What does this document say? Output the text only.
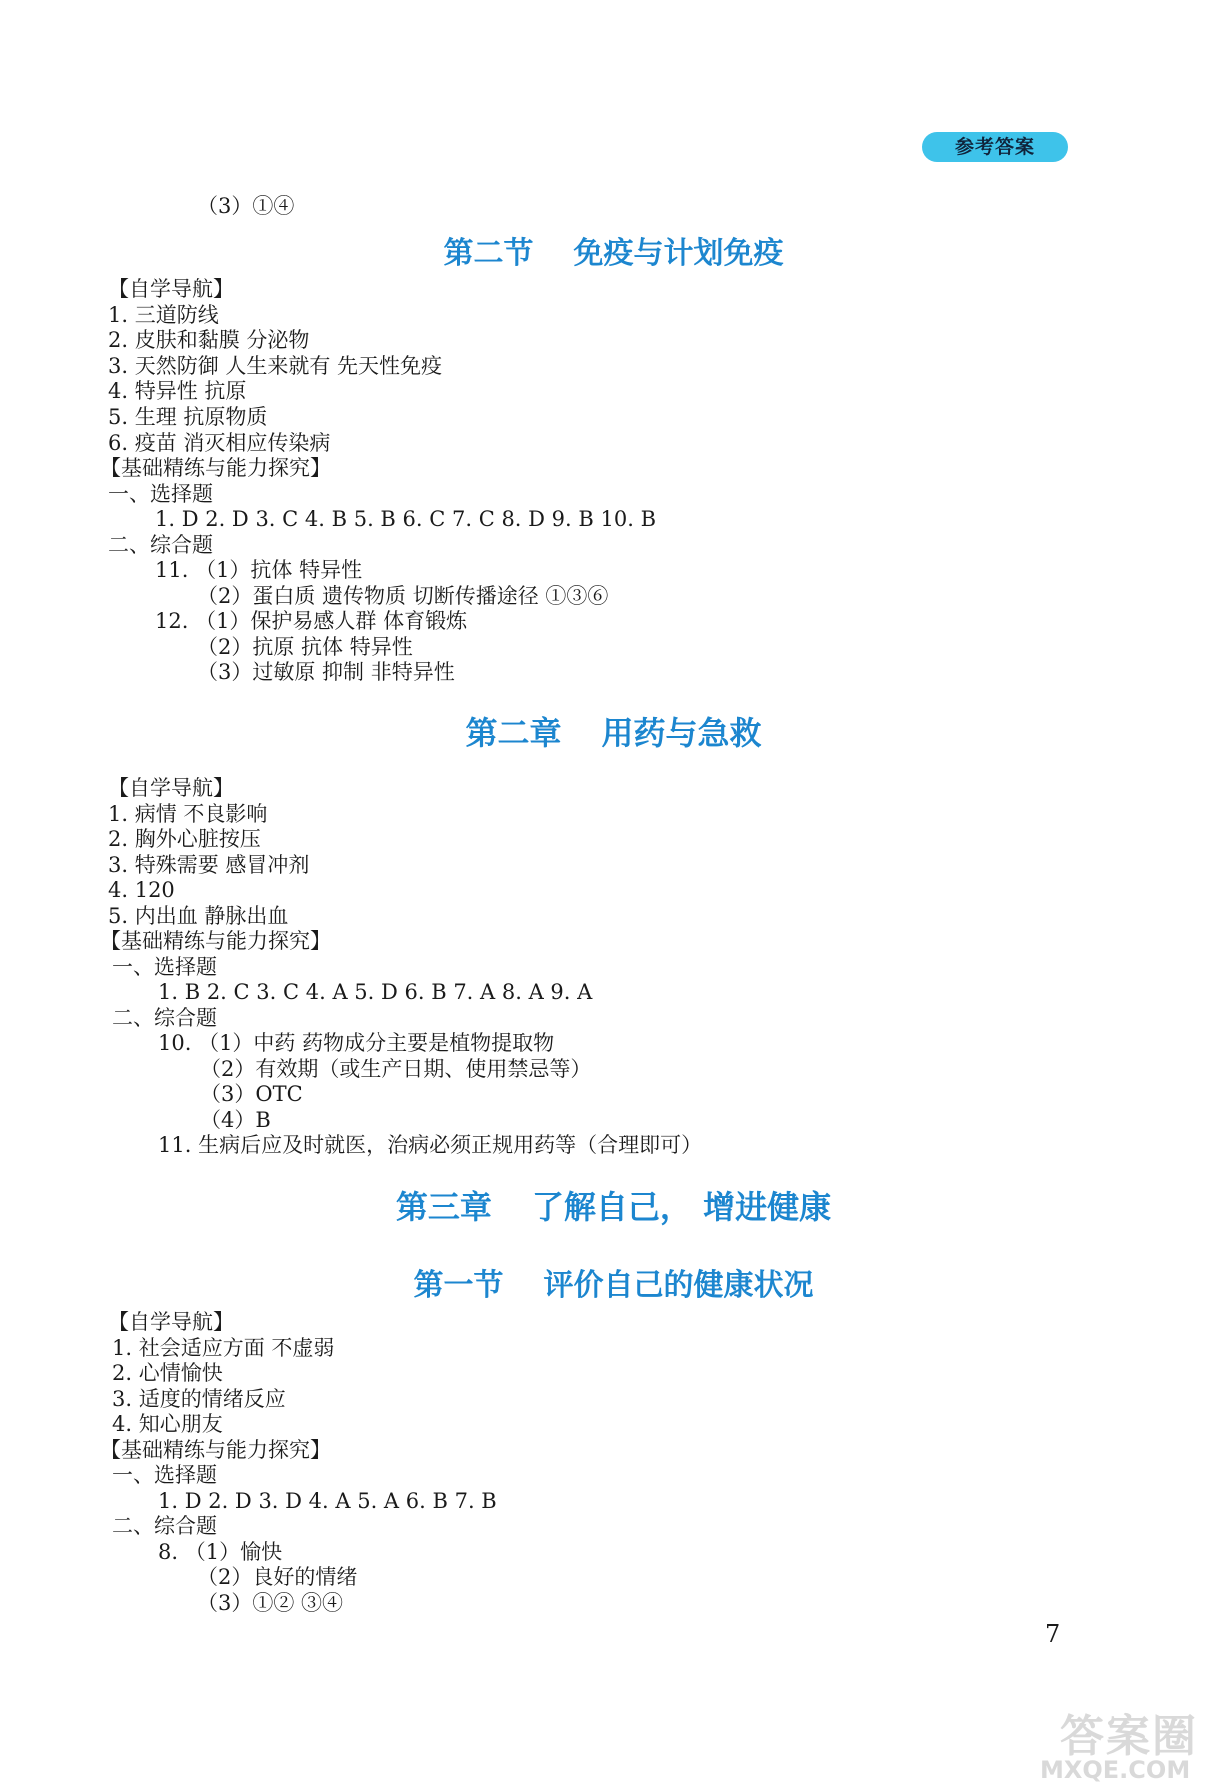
参考答案
（3）①④
第二节 免疫与计划免疫
【自学导航】
1. 三道防线
2. 皮肤和黏膜 分泌物
3. 天然防御 人生来就有 先天性免疫
4. 特异性 抗原
5. 生理 抗原物质
6. 疫苗 消灭相应传染病
【基础精练与能力探究】
一、选择题
1. D 2. D 3. C 4. B 5. B 6. C 7. C 8. D 9. B 10. B
二、综合题
11. （1）抗体 特异性
（2）蛋白质 遗传物质 切断传播途径 ①③⑥
12. （1）保护易感人群 体育锻炼
（2）抗原 抗体 特异性
（3）过敏原 抑制 非特异性
第二章 用药与急救
【自学导航】
1. 病情 不良影响
2. 胸外心脏按压
3. 特殊需要 感冒冲剂
4. 120
5. 内出血 静脉出血
【基础精练与能力探究】
一、选择题
1. B 2. C 3. C 4. A 5. D 6. B 7. A 8. A 9. A
二、综合题
10. （1）中药 药物成分主要是植物提取物
（2）有效期（或生产日期、使用禁忌等）
（3）OTC
（4）B
11. 生病后应及时就医，治病必须正规用药等（合理即可）
第三章 了解自己， 增进健康
第一节 评价自己的健康状况
【自学导航】
1. 社会适应方面 不虚弱
2. 心情愉快
3. 适度的情绪反应
4. 知心朋友
【基础精练与能力探究】
一、选择题
1. D 2. D 3. D 4. A 5. A 6. B 7. B
二、综合题
8. （1）愉快
（2）良好的情绪
（3）①② ③④
7
答案圈
MXQE.COM
